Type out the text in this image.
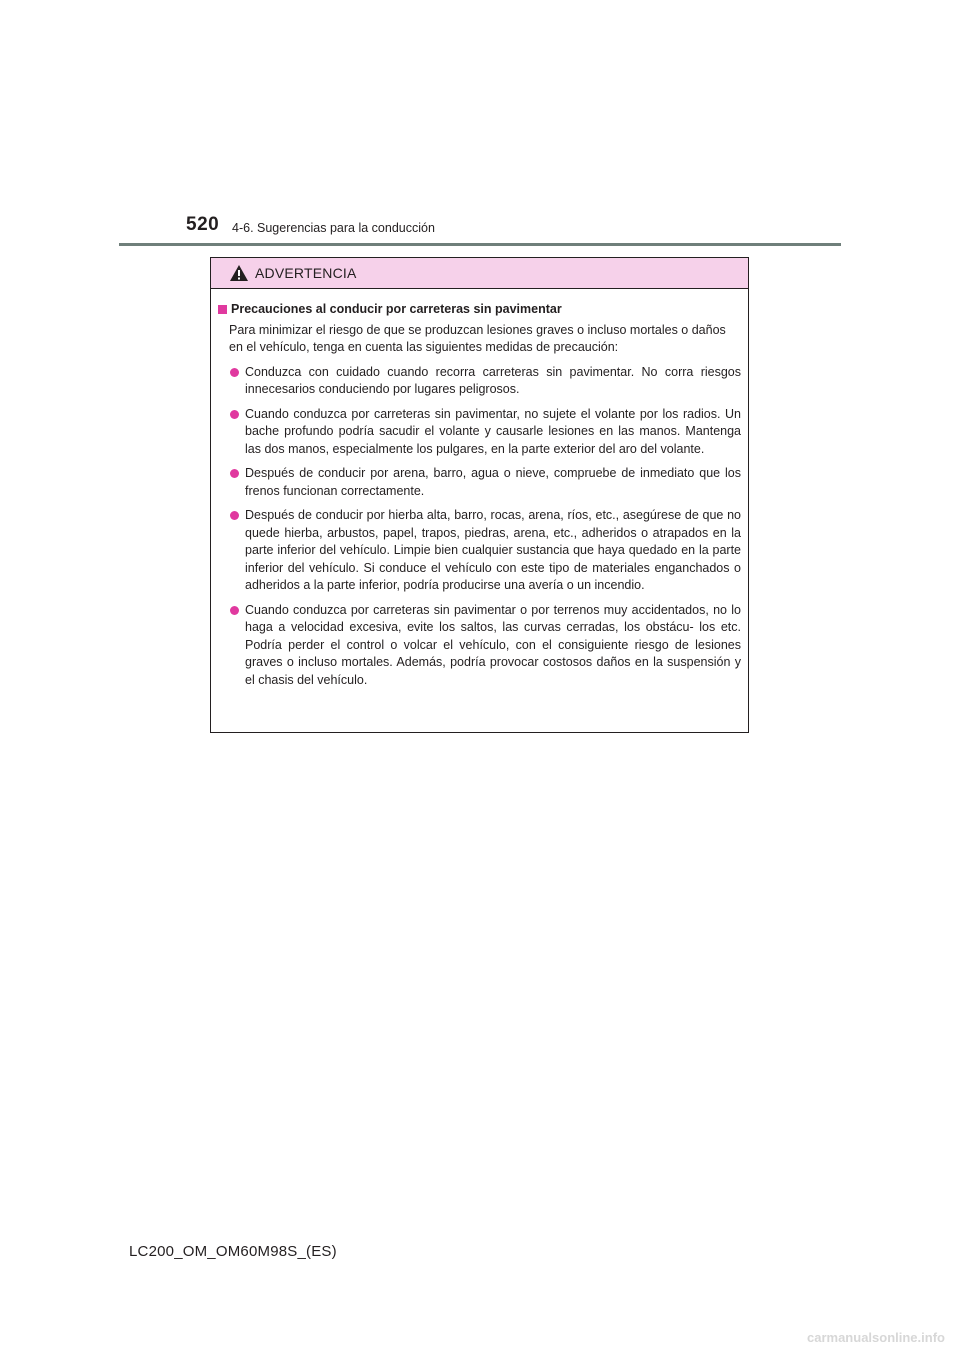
520 4-6. Sugerencias para la conducción
ADVERTENCIA
Precauciones al conducir por carreteras sin pavimentar
Para minimizar el riesgo de que se produzcan lesiones graves o incluso mortales o daños en el vehículo, tenga en cuenta las siguientes medidas de precaución:
Conduzca con cuidado cuando recorra carreteras sin pavimentar. No corra riesgos innecesarios conduciendo por lugares peligrosos.
Cuando conduzca por carreteras sin pavimentar, no sujete el volante por los radios. Un bache profundo podría sacudir el volante y causarle lesiones en las manos. Mantenga las dos manos, especialmente los pulgares, en la parte exterior del aro del volante.
Después de conducir por arena, barro, agua o nieve, compruebe de inmediato que los frenos funcionan correctamente.
Después de conducir por hierba alta, barro, rocas, arena, ríos, etc., asegúrese de que no quede hierba, arbustos, papel, trapos, piedras, arena, etc., adheridos o atrapados en la parte inferior del vehículo. Limpie bien cualquier sustancia que haya quedado en la parte inferior del vehículo. Si conduce el vehículo con este tipo de materiales enganchados o adheridos a la parte inferior, podría producirse una avería o un incendio.
Cuando conduzca por carreteras sin pavimentar o por terrenos muy accidentados, no lo haga a velocidad excesiva, evite los saltos, las curvas cerradas, los obstácu- los etc. Podría perder el control o volcar el vehículo, con el consiguiente riesgo de lesiones graves o incluso mortales. Además, podría provocar costosos daños en la suspensión y el chasis del vehículo.
LC200_OM_OM60M98S_(ES)
carmanualsonline.info
